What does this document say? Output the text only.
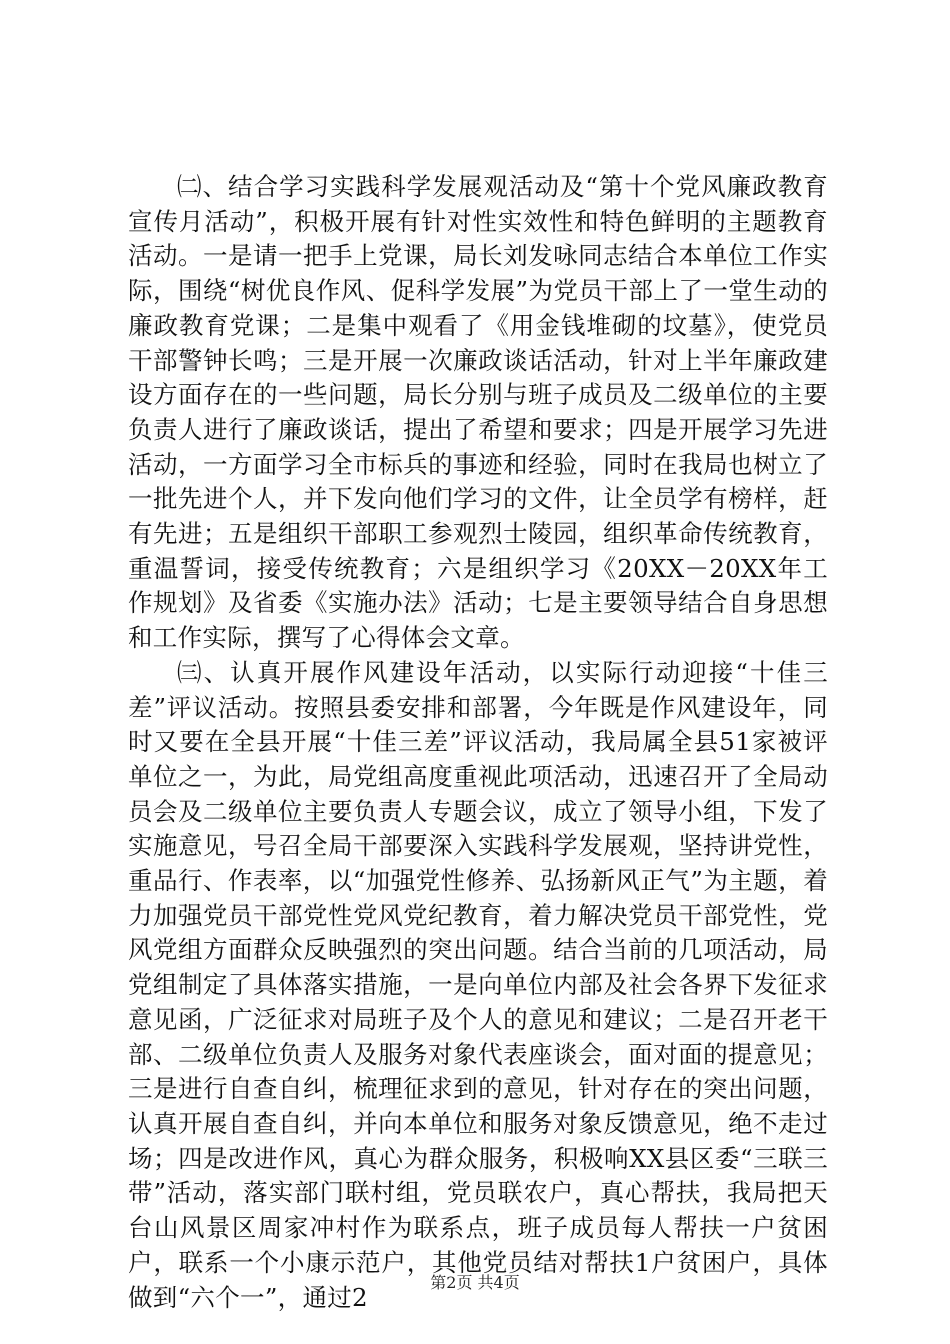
㈡、结合学习实践科学发展观活动及“第十个党风廉政教育宣传月活动”，积极开展有针对性实效性和特色鲜明的主题教育活动。一是请一把手上党课，局长刘发咏同志结合本单位工作实际，围绕“树优良作风、促科学发展”为党员干部上了一堂生动的廉政教育党课；二是集中观看了《用金钱堆砌的坟墓》，使党员干部警钟长鸣；三是开展一次廉政谈话活动，针对上半年廉政建设方面存在的一些问题，局长分别与班子成员及二级单位的主要负责人进行了廉政谈话，提出了希望和要求；四是开展学习先进活动，一方面学习全市标兵的事迹和经验，同时在我局也树立了一批先进个人，并下发向他们学习的文件，让全员学有榜样，赶有先进；五是组织干部职工参观烈士陵园，组织革命传统教育，重温誓词，接受传统教育；六是组织学习《20XX－20XX年工作规划》及省委《实施办法》活动；七是主要领导结合自身思想和工作实际，撰写了心得体会文章。

㈢、认真开展作风建设年活动，以实际行动迎接“十佳三差”评议活动。按照县委安排和部署，今年既是作风建设年，同时又要在全县开展“十佳三差”评议活动，我局属全县51家被评单位之一，为此，局党组高度重视此项活动，迅速召开了全局动员会及二级单位主要负责人专题会议，成立了领导小组，下发了实施意见，号召全局干部要深入实践科学发展观，坚持讲党性，重品行、作表率，以“加强党性修养、弘扬新风正气”为主题，着力加强党员干部党性党风党纪教育，着力解决党员干部党性，党风党组方面群众反映强烈的突出问题。结合当前的几项活动，局党组制定了具体落实措施，一是向单位内部及社会各界下发征求意见函，广泛征求对局班子及个人的意见和建议；二是召开老干部、二级单位负责人及服务对象代表座谈会，面对面的提意见；三是进行自查自纠，梳理征求到的意见，针对存在的突出问题，认真开展自查自纠，并向本单位和服务对象反馈意见，绝不走过场；四是改进作风，真心为群众服务，积极响XX县区委“三联三带”活动，落实部门联村组，党员联农户，真心帮扶，我局把天台山风景区周家冲村作为联系点，班子成员每人帮扶一户贫困户，联系一个小康示范户，其他党员结对帮扶1户贫困户，具体做到“六个一”，通过2	第2页 共4页
